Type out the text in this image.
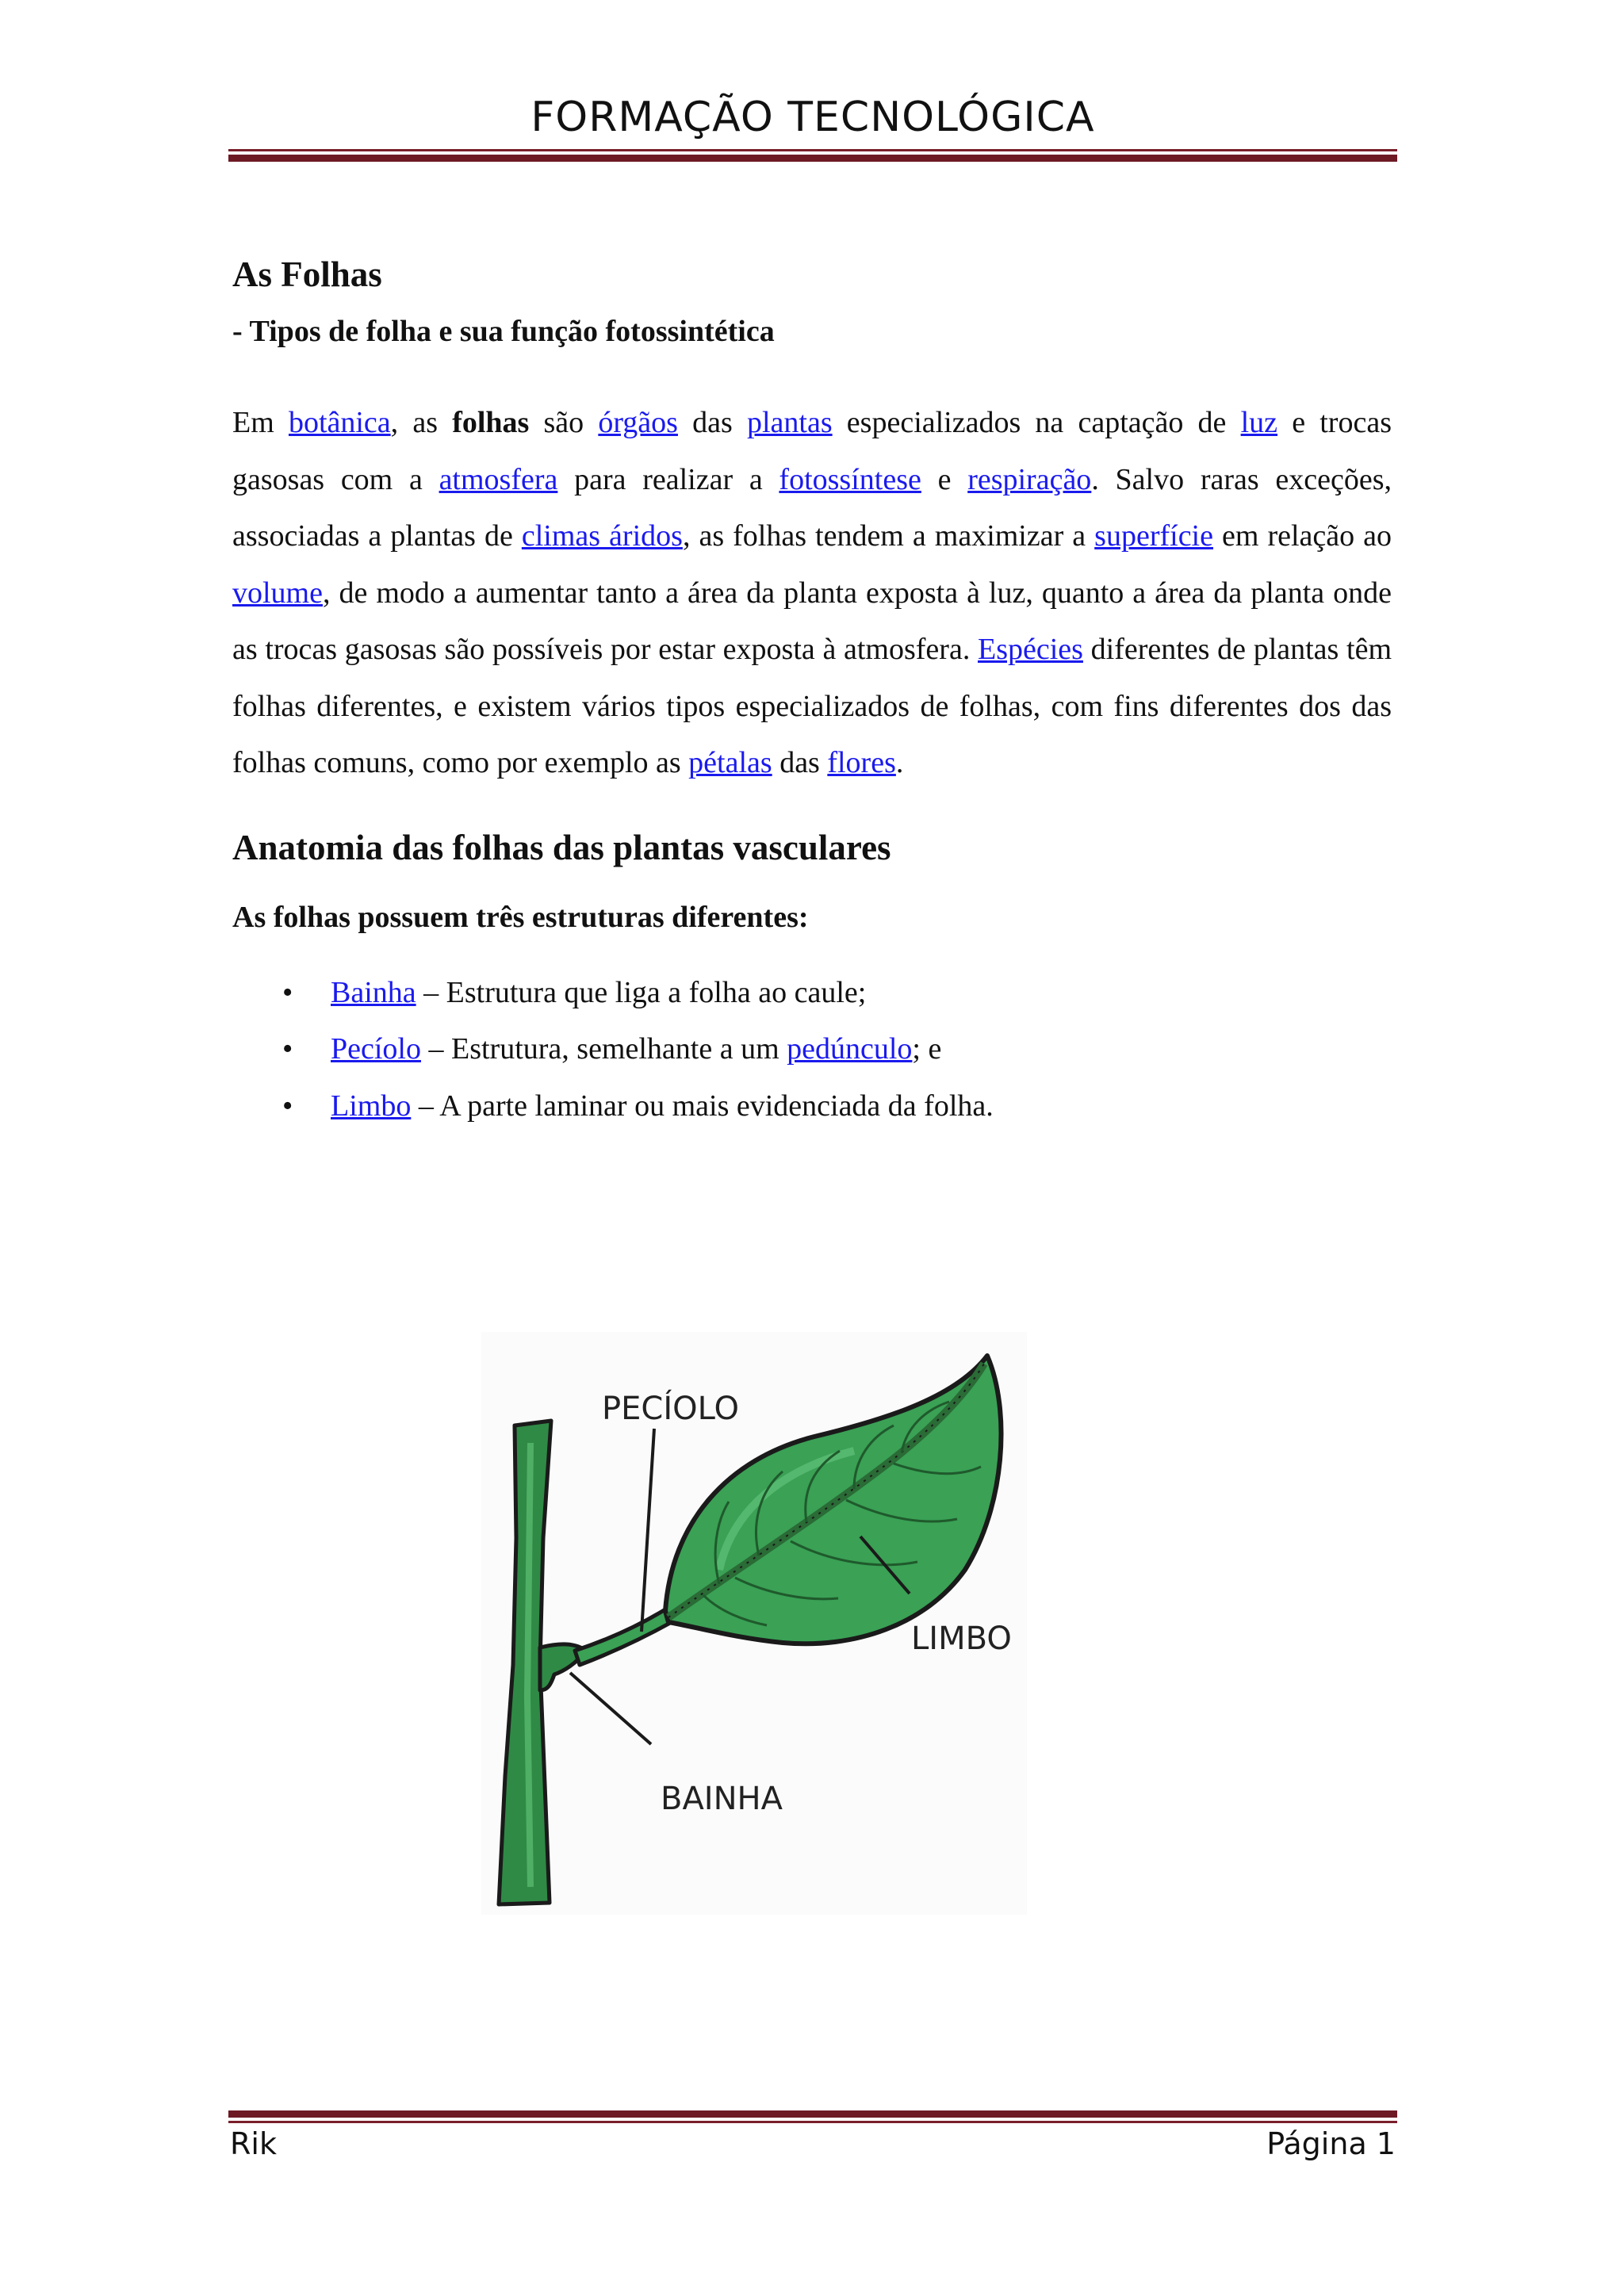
FORMAÇÃO TECNOLÓGICA
As Folhas
- Tipos de folha e sua função fotossintética

Em botânica, as folhas são órgãos das plantas especializados na captação de luz e trocas gasosas com a atmosfera para realizar a fotossíntese e respiração. Salvo raras exceções, associadas a plantas de climas áridos, as folhas tendem a maximizar a superfície em relação ao volume, de modo a aumentar tanto a área da planta exposta à luz, quanto a área da planta onde as trocas gasosas são possíveis por estar exposta à atmosfera. Espécies diferentes de plantas têm folhas diferentes, e existem vários tipos especializados de folhas, com fins diferentes dos das folhas comuns, como por exemplo as pétalas das flores.

Anatomia das folhas das plantas vasculares
As folhas possuem três estruturas diferentes:
• Bainha – Estrutura que liga a folha ao caule;
• Pecíolo – Estrutura, semelhante a um pedúnculo; e
• Limbo – A parte laminar ou mais evidenciada da folha.
PECÍOLO
LIMBO
BAINHA
Rik	Página 1
